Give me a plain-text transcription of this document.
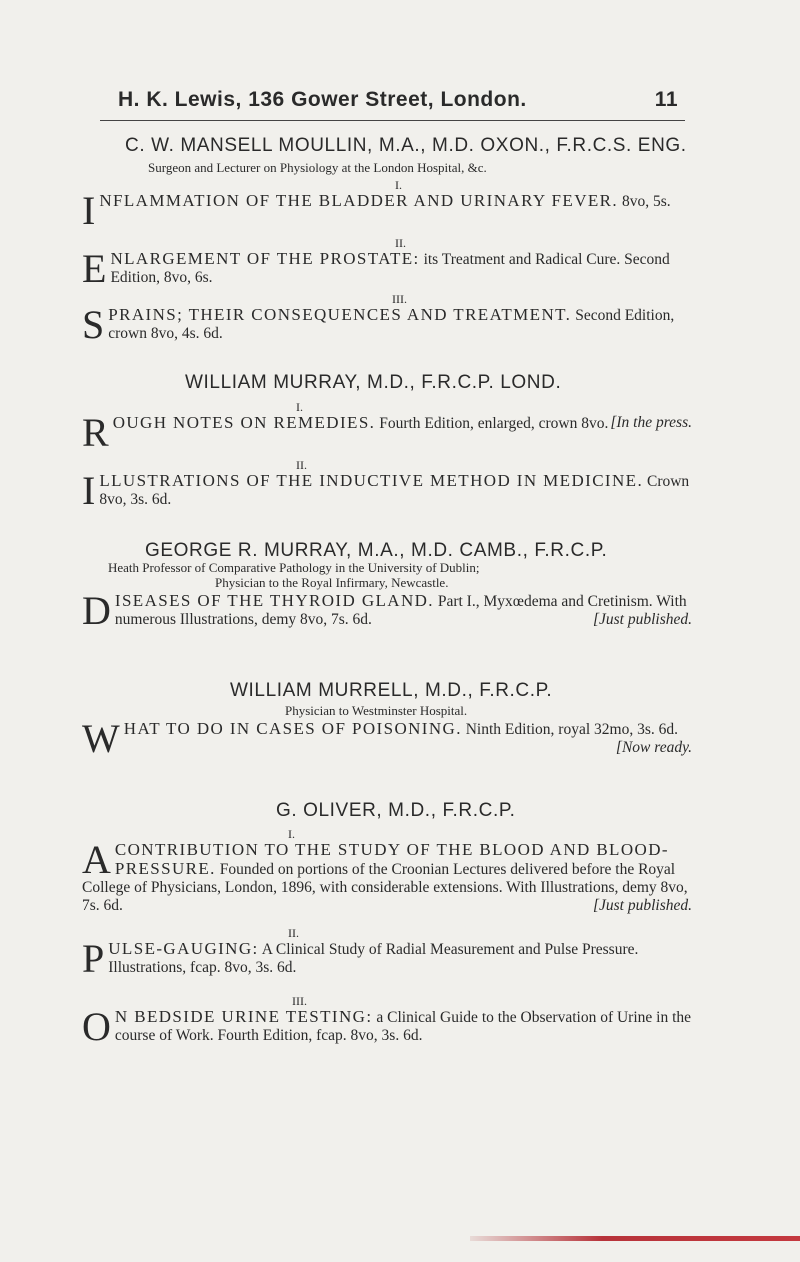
H. K. Lewis, 136 Gower Street, London.	11
C. W. MANSELL MOULLIN, M.A., M.D. OXON., F.R.C.S. ENG.
Surgeon and Lecturer on Physiology at the London Hospital, &c.
I.
I NFLAMMATION OF THE BLADDER AND URINARY FEVER. 8vo, 5s.

II.
E NLARGEMENT OF THE PROSTATE: its Treatment and Radical Cure. Second Edition, 8vo, 6s.

III.
S PRAINS; THEIR CONSEQUENCES AND TREATMENT. Second Edition, crown 8vo, 4s. 6d.

WILLIAM MURRAY, M.D., F.R.C.P. LOND.
I.
R OUGH NOTES ON REMEDIES. Fourth Edition, enlarged, crown 8vo. [In the press.

II.
I LLUSTRATIONS OF THE INDUCTIVE METHOD IN MEDICINE. Crown 8vo, 3s. 6d.

GEORGE R. MURRAY, M.A., M.D. CAMB., F.R.C.P.
Heath Professor of Comparative Pathology in the University of Dublin;
Physician to the Royal Infirmary, Newcastle.
D ISEASES OF THE THYROID GLAND. Part I., Myxœdema and Cretinism. With numerous Illustrations, demy 8vo, 7s. 6d.	[Just published.

WILLIAM MURRELL, M.D., F.R.C.P.
Physician to Westminster Hospital.
W HAT TO DO IN CASES OF POISONING. Ninth Edition, royal 32mo, 3s. 6d.
[Now ready.

G. OLIVER, M.D., F.R.C.P.
I.
A CONTRIBUTION TO THE STUDY OF THE BLOOD AND BLOOD-PRESSURE. Founded on portions of the Croonian Lectures delivered before the Royal College of Physicians, London, 1896, with considerable extensions. With Illustrations, demy 8vo, 7s. 6d.	[Just published.

II.
P ULSE-GAUGING: A Clinical Study of Radial Measurement and Pulse Pressure. Illustrations, fcap. 8vo, 3s. 6d.

III.
O N BEDSIDE URINE TESTING: a Clinical Guide to the Observation of Urine in the course of Work. Fourth Edition, fcap. 8vo, 3s. 6d.
